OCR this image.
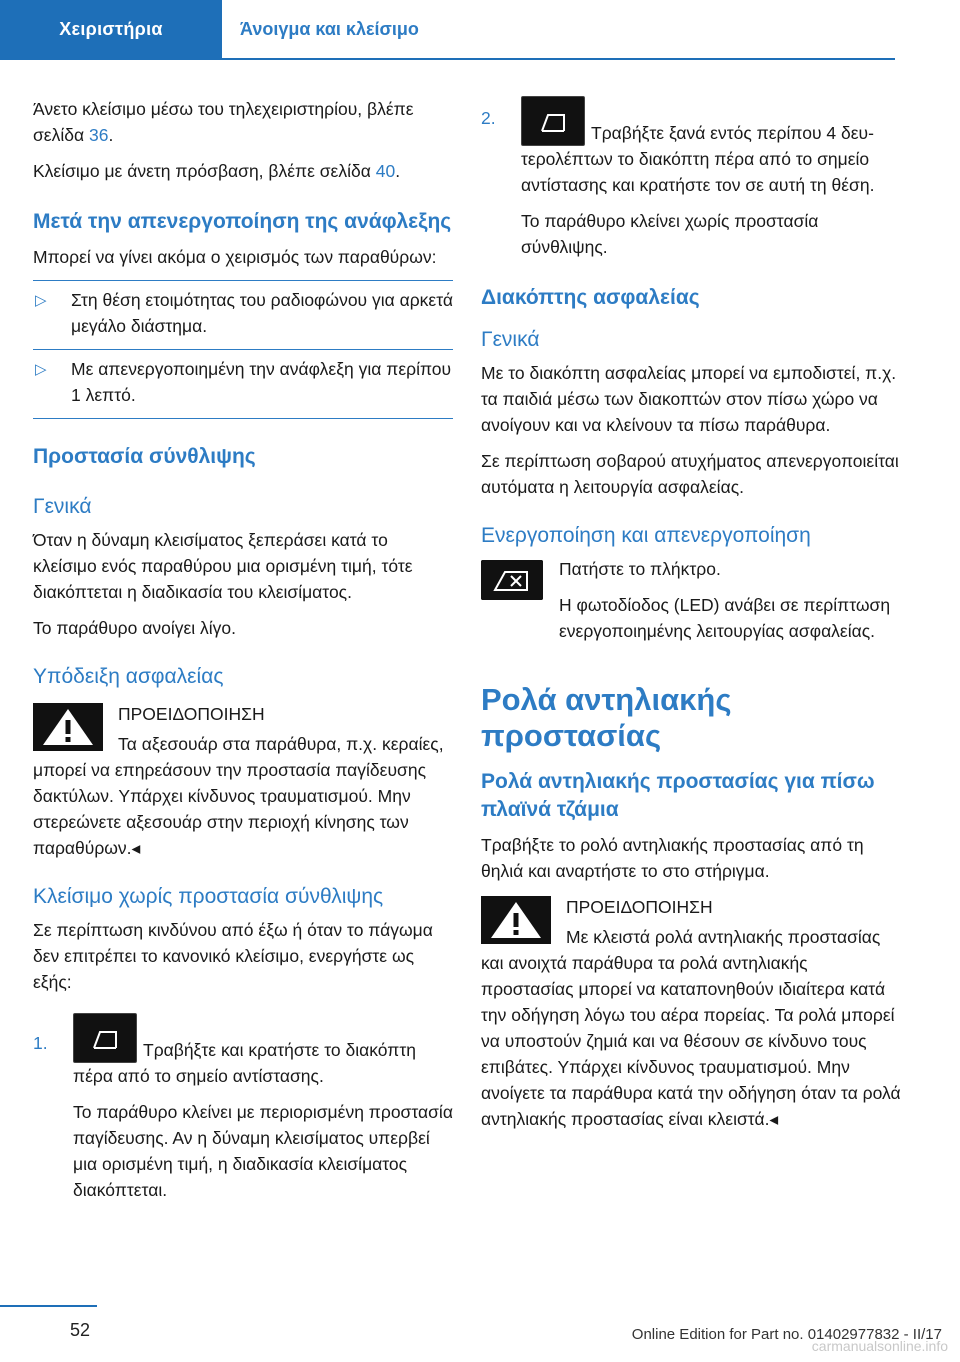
Χειριστήρια	Άνοιγμα και κλείσιμο

Άνετο κλείσιμο μέσω του τηλεχειριστηρίου, βλέπε σελίδα 36.

Κλείσιμο με άνετη πρόσβαση, βλέπε σελίδα 40.

Μετά την απενεργοποίηση της ανάφλεξης

Μπορεί να γίνει ακόμα ο χειρισμός των παραθύρων:

▷ Στη θέση ετοιμότητας του ραδιοφώνου για αρκετά μεγάλο διάστημα.
▷ Με απενεργοποιημένη την ανάφλεξη για περίπου 1 λεπτό.
Προστασία σύνθλιψης
Γενικά

Όταν η δύναμη κλεισίματος ξεπεράσει κατά το κλείσιμο ενός παραθύρου μια ορισμένη τιμή, τότε διακόπτεται η διαδικασία του κλεισίματος.

Το παράθυρο ανοίγει λίγο.

Υπόδειξη ασφαλείας

ΠΡΟΕΙΔΟΠΟΙΗΣΗ

Τα αξεσουάρ στα παράθυρα, π.χ. κεραίες,

μπορεί να επηρεάσουν την προστασία παγίδευσης δακτύλων. Υπάρχει κίνδυνος τραυματισμού. Μην στερεώνετε αξεσουάρ στην περιοχή κίνησης των παραθύρων.◂

Κλείσιμο χωρίς προστασία σύνθλιψης

Σε περίπτωση κινδύνου από έξω ή όταν το πάγωμα δεν επιτρέπει το κανονικό κλείσιμο, ενεργήστε ως εξής:

1.	Τραβήξτε και κρατήστε το διακόπτη πέρα από το σημείο αντίστασης.

Το παράθυρο κλείνει με περιορισμένη προστασία παγίδευσης. Αν η δύναμη κλεισίματος υπερβεί μια ορισμένη τιμή, η διαδικασία κλεισίματος διακόπτεται.

2.

Τραβήξτε ξανά εντός περίπου 4 δευτερολέπτων το διακόπτη πέρα από το σημείο αντίστασης και κρατήστε τον σε αυτή τη θέση.

Το παράθυρο κλείνει χωρίς προστασία σύνθλιψης.

Διακόπτης ασφαλείας
Γενικά

Με το διακόπτη ασφαλείας μπορεί να εμποδιστεί, π.χ. τα παιδιά μέσω των διακοπτών στον πίσω χώρο να ανοίγουν και να κλείνουν τα πίσω παράθυρα.

Σε περίπτωση σοβαρού ατυχήματος απενεργοποιείται αυτόματα η λειτουργία ασφαλείας.

Ενεργοποίηση και απενεργοποίηση

Πατήστε το πλήκτρο.

Η φωτοδίοδος (LED) ανάβει σε περίπτωση ενεργοποιημένης λειτουργίας ασφαλείας.

Ρολά αντηλιακής προστασίας
Ρολά αντηλιακής προστασίας για πίσω πλαϊνά τζάμια

Τραβήξτε το ρολό αντηλιακής προστασίας από τη θηλιά και αναρτήστε το στο στήριγμα.

ΠΡΟΕΙΔΟΠΟΙΗΣΗ

Με κλειστά ρολά αντηλιακής προστασίας

και ανοιχτά παράθυρα τα ρολά αντηλιακής προστασίας μπορεί να καταπονηθούν ιδιαίτερα κατά την οδήγηση λόγω του αέρα πορείας. Τα ρολά μπορεί να υποστούν ζημιά και να θέσουν σε κίνδυνο τους επιβάτες. Υπάρχει κίνδυνος τραυματισμού. Μην ανοίγετε τα παράθυρα κατά την οδήγηση όταν τα ρολά αντηλιακής προστασίας είναι κλειστά.◂

52	Online Edition for Part no. 01402977832 - II/17
carmanualsonline.info
